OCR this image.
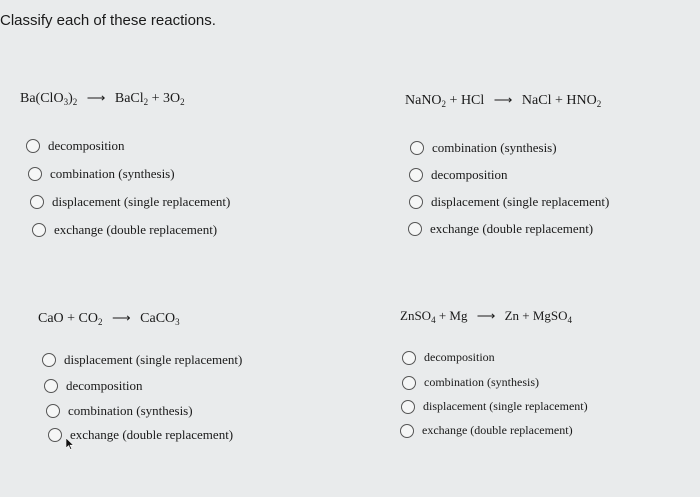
Classify each of these reactions.
$Ba(ClO_3)_2$ ⟶ BaCl$_2$ + $3O_2$
decomposition
combination (synthesis)
displacement (single replacement)
exchange (double replacement)
NaNO$_2$ + HCl ⟶ NaCl + $HNO_2$
combination (synthesis)
decomposition
displacement (single replacement)
exchange (double replacement)
CaO + $CO_2$ ⟶ CaCO$_3$
displacement (single replacement)
decomposition
combination (synthesis)
exchange (double replacement)
ZnSO$_4$ + Mg ⟶ Zn + MgSO$_4$
decomposition
combination (synthesis)
displacement (single replacement)
exchange (double replacement)
